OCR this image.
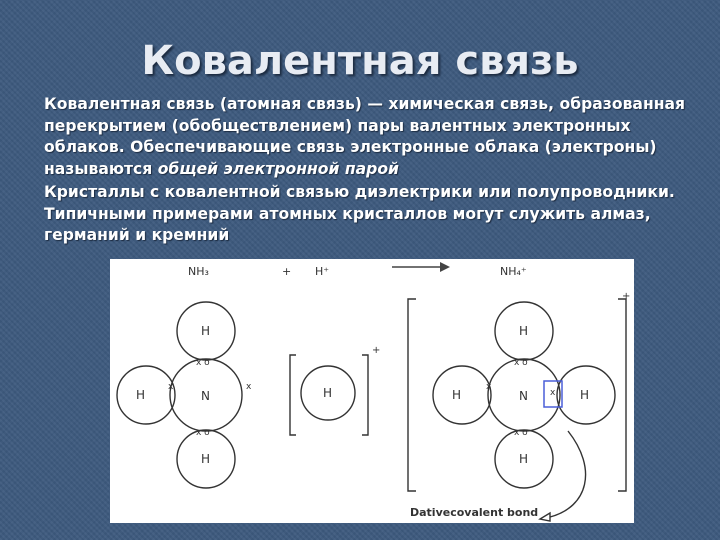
Ковалентная связь

Ковалентная связь (атомная связь) — химическая связь, образованная перекрытием (обобществлением) пары валентных электронных облаков. Обеспечивающие связь электронные облака (электроны) называются общей электронной парой

Кристаллы с ковалентной связью диэлектрики или полупроводники. Типичными примерами атомных кристаллов могут служить алмаз, германий и кремний

NH₃	+ H⁺	NH₄⁺
N
H
H
H
x o
x o
x	x	H
+
N
H
H
H	H
x o
x o
x
x
+
Dativecovalent bond
